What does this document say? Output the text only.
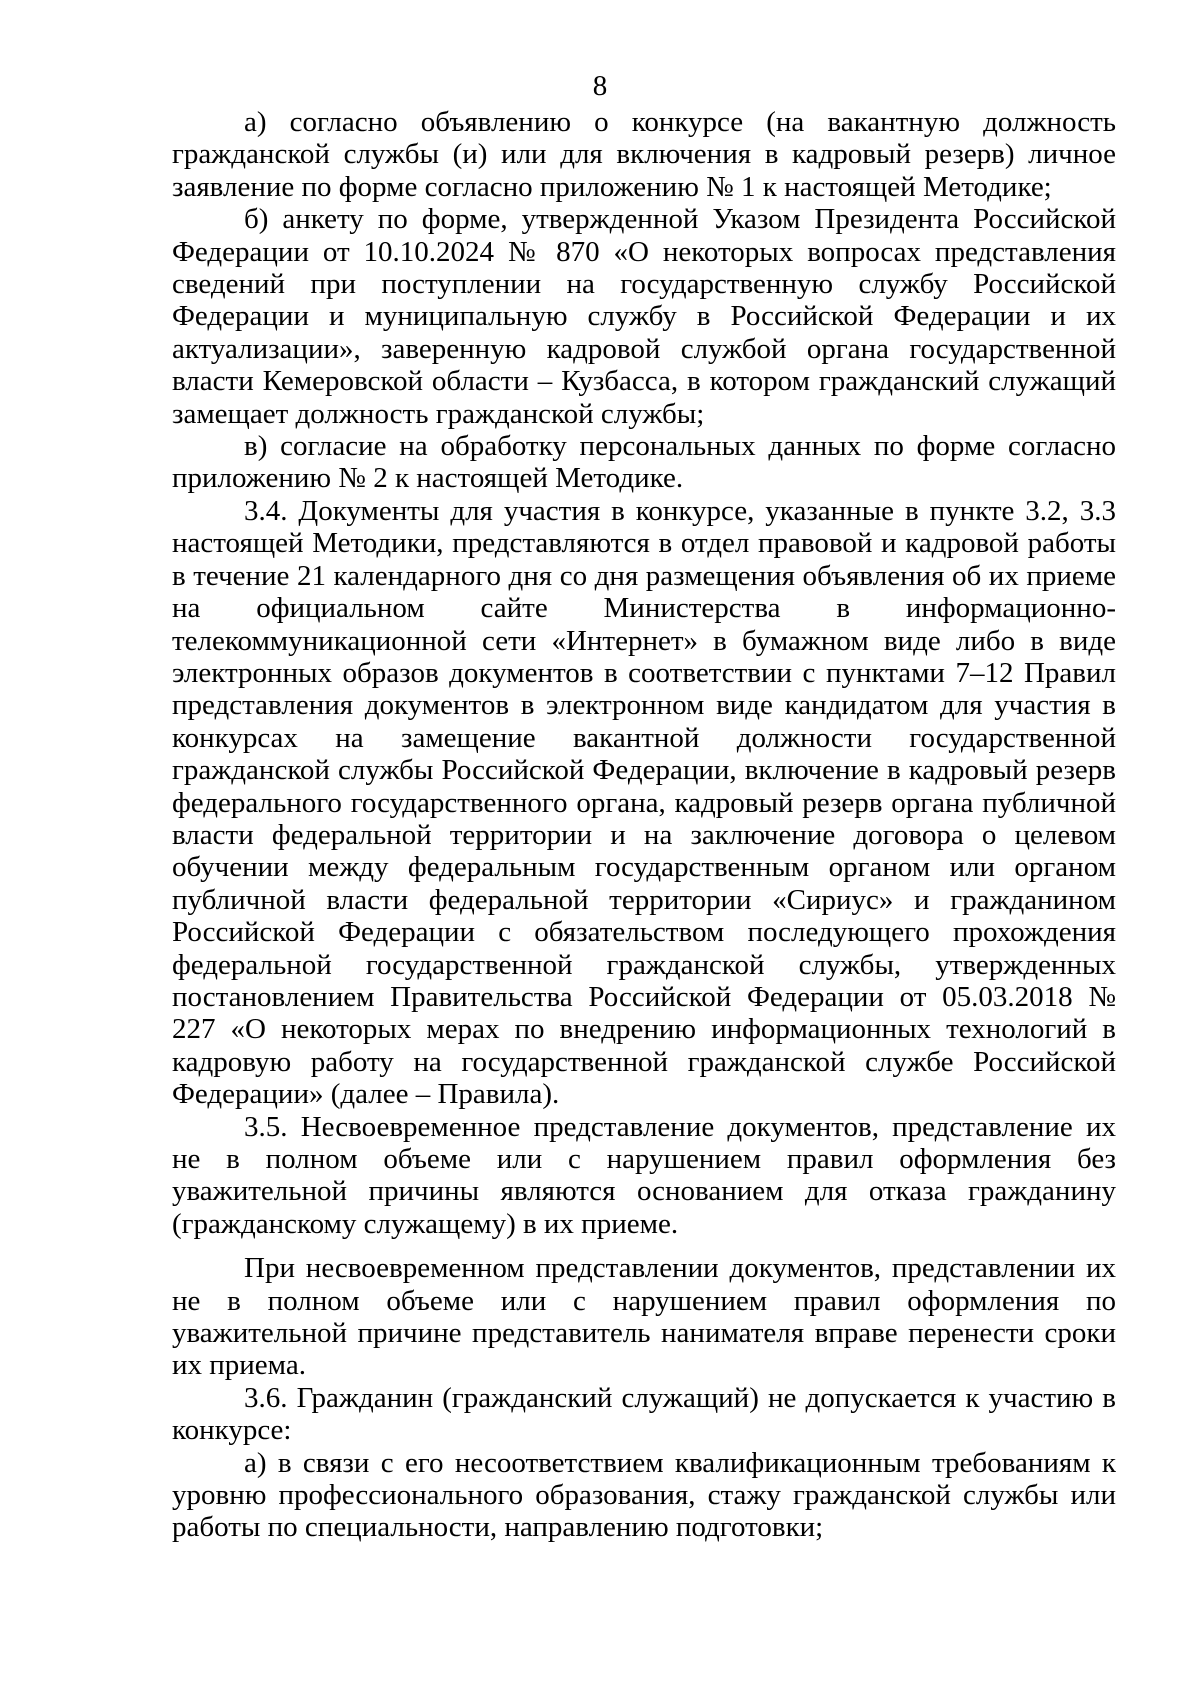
8

а) согласно объявлению о конкурсе (на вакантную должность гражданской службы (и) или для включения в кадровый резерв) личное заявление по форме согласно приложению № 1 к настоящей Методике;

б) анкету по форме, утвержденной Указом Президента Российской Федерации от 10.10.2024 № 870 «О некоторых вопросах представления сведений при поступлении на государственную службу Российской Федерации и муниципальную службу в Российской Федерации и их актуализации», заверенную кадровой службой органа государственной власти Кемеровской области – Кузбасса, в котором гражданский служащий замещает должность гражданской службы;

в) согласие на обработку персональных данных по форме согласно приложению № 2 к настоящей Методике.

3.4. Документы для участия в конкурсе, указанные в пункте 3.2, 3.3 настоящей Методики, представляются в отдел правовой и кадровой работы в течение 21 календарного дня со дня размещения объявления об их приеме на официальном сайте Министерства в информационно-телекоммуникационной сети «Интернет» в бумажном виде либо в виде электронных образов документов в соответствии с пунктами 7–12 Правил представления документов в электронном виде кандидатом для участия в конкурсах на замещение вакантной должности государственной гражданской службы Российской Федерации, включение в кадровый резерв федерального государственного органа, кадровый резерв органа публичной власти федеральной территории и на заключение договора о целевом обучении между федеральным государственным органом или органом публичной власти федеральной территории «Сириус» и гражданином Российской Федерации с обязательством последующего прохождения федеральной государственной гражданской службы, утвержденных постановлением Правительства Российской Федерации от 05.03.2018 № 227 «О некоторых мерах по внедрению информационных технологий в кадровую работу на государственной гражданской службе Российской Федерации» (далее – Правила).

3.5. Несвоевременное представление документов, представление их не в полном объеме или с нарушением правил оформления без уважительной причины являются основанием для отказа гражданину (гражданскому служащему) в их приеме.

При несвоевременном представлении документов, представлении их не в полном объеме или с нарушением правил оформления по уважительной причине представитель нанимателя вправе перенести сроки их приема.

3.6. Гражданин (гражданский служащий) не допускается к участию в конкурсе:

а) в связи с его несоответствием квалификационным требованиям к уровню профессионального образования, стажу гражданской службы или работы по специальности, направлению подготовки;
